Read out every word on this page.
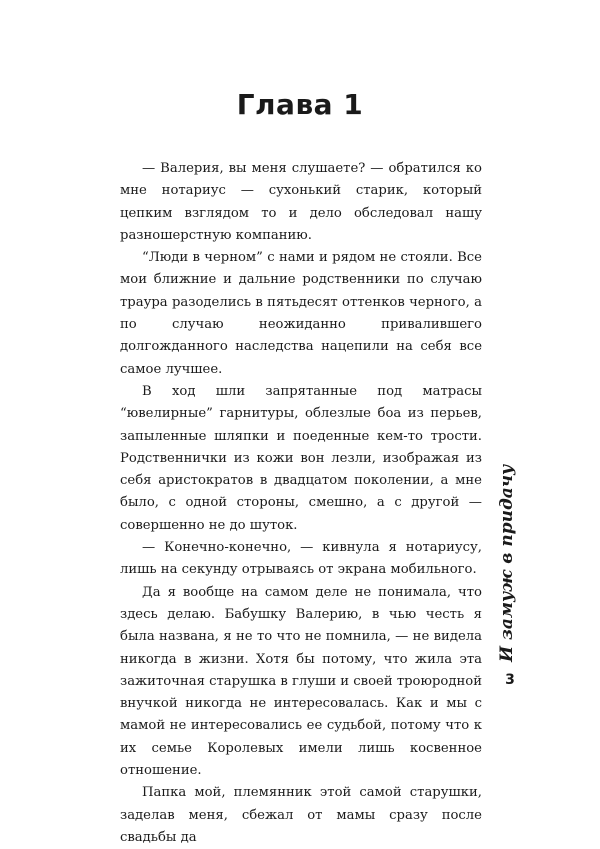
Глава 1

— Валерия, вы меня слушаете? — обратился ко мне нотариус — сухонький старик, который цепким взглядом то и дело обследовал нашу разношерстную компанию.

“Люди в черном” с нами и рядом не стояли. Все мои ближние и дальние родственники по случаю траура разоделись в пятьдесят оттенков черного, а по случаю неожиданно привалившего долгожданного наследства нацепили на себя все самое лучшее.

В ход шли запрятанные под матрасы “ювелирные” гарнитуры, облезлые боа из перьев, запыленные шляпки и поеденные кем-то трости. Родственнички из кожи вон лезли, изображая из себя аристократов в двадцатом поколении, а мне было, с одной стороны, смешно, а с другой — совершенно не до шуток.

— Конечно-конечно, — кивнула я нотариусу, лишь на секунду отрываясь от экрана мобильного.

Да я вообще на самом деле не понимала, что здесь делаю. Бабушку Валерию, в чью честь я была названа, я не то что не помнила, — не видела никогда в жизни. Хотя бы потому, что жила эта зажиточная старушка в глуши и своей троюродной внучкой никогда не интересовалась. Как и мы с мамой не интересовались ее судьбой, потому что к их семье Королевых имели лишь косвенное отношение.

Папка мой, племянник этой самой старушки, заделав меня, сбежал от мамы сразу после свадьбы да

И замуж в придачу
3
